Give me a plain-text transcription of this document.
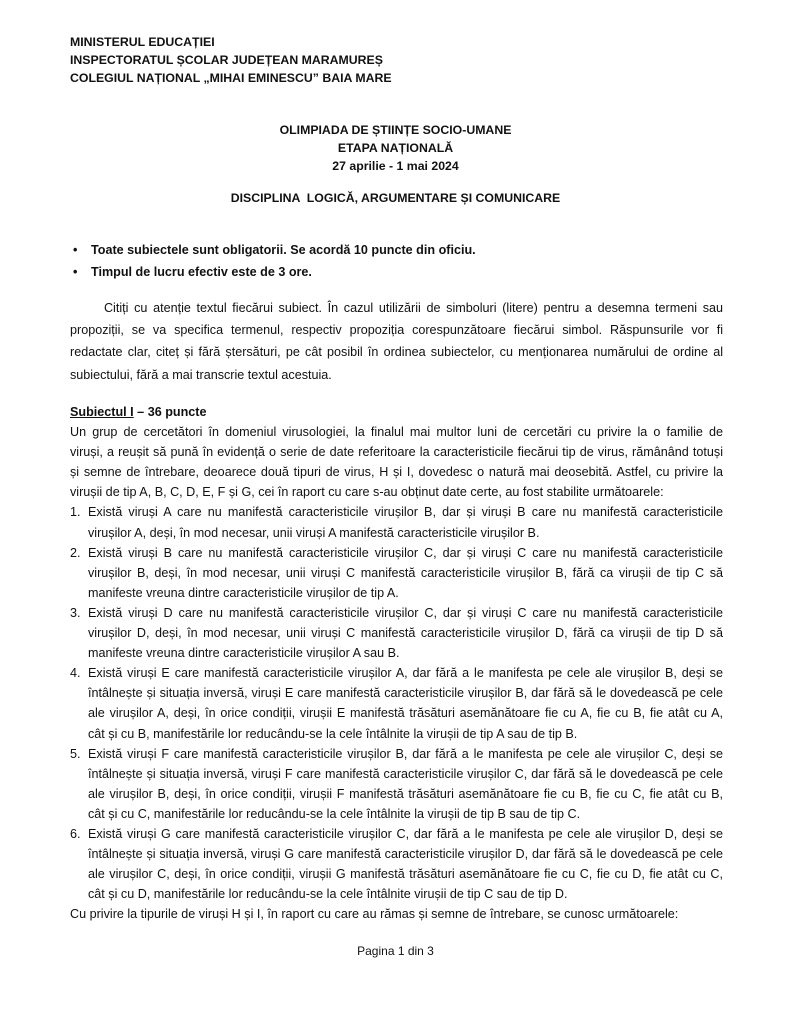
MINISTERUL EDUCAȚIEI
INSPECTORATUL ȘCOLAR JUDEȚEAN MARAMUREȘ
COLEGIUL NAȚIONAL „MIHAI EMINESCU” BAIA MARE
OLIMPIADA DE ȘTIINȚE SOCIO-UMANE
ETAPA NAȚIONALĂ
27 aprilie - 1 mai 2024
DISCIPLINA  LOGICĂ, ARGUMENTARE ȘI COMUNICARE
• Toate subiectele sunt obligatorii. Se acordă 10 puncte din oficiu.
• Timpul de lucru efectiv este de 3 ore.
Citiți cu atenție textul fiecărui subiect. În cazul utilizării de simboluri (litere) pentru a desemna termeni sau
propoziții, se va specifica termenul, respectiv propoziția corespunzătoare fiecărui simbol. Răspunsurile vor fi
redactate clar, citeț și fără ștersături, pe cât posibil în ordinea subiectelor, cu menționarea numărului de ordine al
subiectului, fără a mai transcrie textul acestuia.
Subiectul I – 36 puncte
Un grup de cercetători în domeniul virusologiei, la finalul mai multor luni de cercetări cu privire la o familie de
viruși, a reușit să pună în evidență o serie de date referitoare la caracteristicile fiecărui tip de virus, rămânând totuși
și semne de întrebare, deoarece două tipuri de virus, H și I, dovedesc o natură mai deosebită. Astfel, cu privire la
virușii de tip A, B, C, D, E, F și G, cei în raport cu care s-au obținut date certe, au fost stabilite următoarele:
1. Există viruși A care nu manifestă caracteristicile virușilor B, dar și viruși B care nu manifestă caracteristicile
virușilor A, deși, în mod necesar, unii viruși A manifestă caracteristicile virușilor B.
2. Există viruși B care nu manifestă caracteristicile virușilor C, dar și viruși C care nu manifestă caracteristicile
virușilor B, deși, în mod necesar, unii viruși C manifestă caracteristicile virușilor B, fără ca virușii de tip C să
manifeste vreuna dintre caracteristicile virușilor de tip A.
3. Există viruși D care nu manifestă caracteristicile virușilor C, dar și viruși C care nu manifestă caracteristicile
virușilor D, deși, în mod necesar, unii viruși C manifestă caracteristicile virușilor D, fără ca virușii de tip D să
manifeste vreuna dintre caracteristicile virușilor A sau B.
4. Există viruși E care manifestă caracteristicile virușilor A, dar fără a le manifesta pe cele ale virușilor B, deși se
întâlnește și situația inversă, viruși E care manifestă caracteristicile virușilor B, dar fără să le dovedească pe cele
ale virușilor A, deși, în orice condiții, virușii E manifestă trăsături asemănătoare fie cu A, fie cu B, fie atât cu A,
cât și cu B, manifestările lor reducându-se la cele întâlnite la virușii de tip A sau de tip B.
5. Există viruși F care manifestă caracteristicile virușilor B, dar fără a le manifesta pe cele ale virușilor C, deși se
întâlnește și situația inversă, viruși F care manifestă caracteristicile virușilor C, dar fără să le dovedească pe cele
ale virușilor B, deși, în orice condiții, virușii F manifestă trăsături asemănătoare fie cu B, fie cu C, fie atât cu B,
cât și cu C, manifestările lor reducându-se la cele întâlnite la virușii de tip B sau de tip C.
6. Există viruși G care manifestă caracteristicile virușilor C, dar fără a le manifesta pe cele ale virușilor D, deși se
întâlnește și situația inversă, viruși G care manifestă caracteristicile virușilor D, dar fără să le dovedească pe cele
ale virușilor C, deși, în orice condiții, virușii G manifestă trăsături asemănătoare fie cu C, fie cu D, fie atât cu C,
cât și cu D, manifestările lor reducându-se la cele întâlnite virușii de tip C sau de tip D.
Cu privire la tipurile de viruși H și I, în raport cu care au rămas și semne de întrebare, se cunosc următoarele:
Pagina 1 din 3
